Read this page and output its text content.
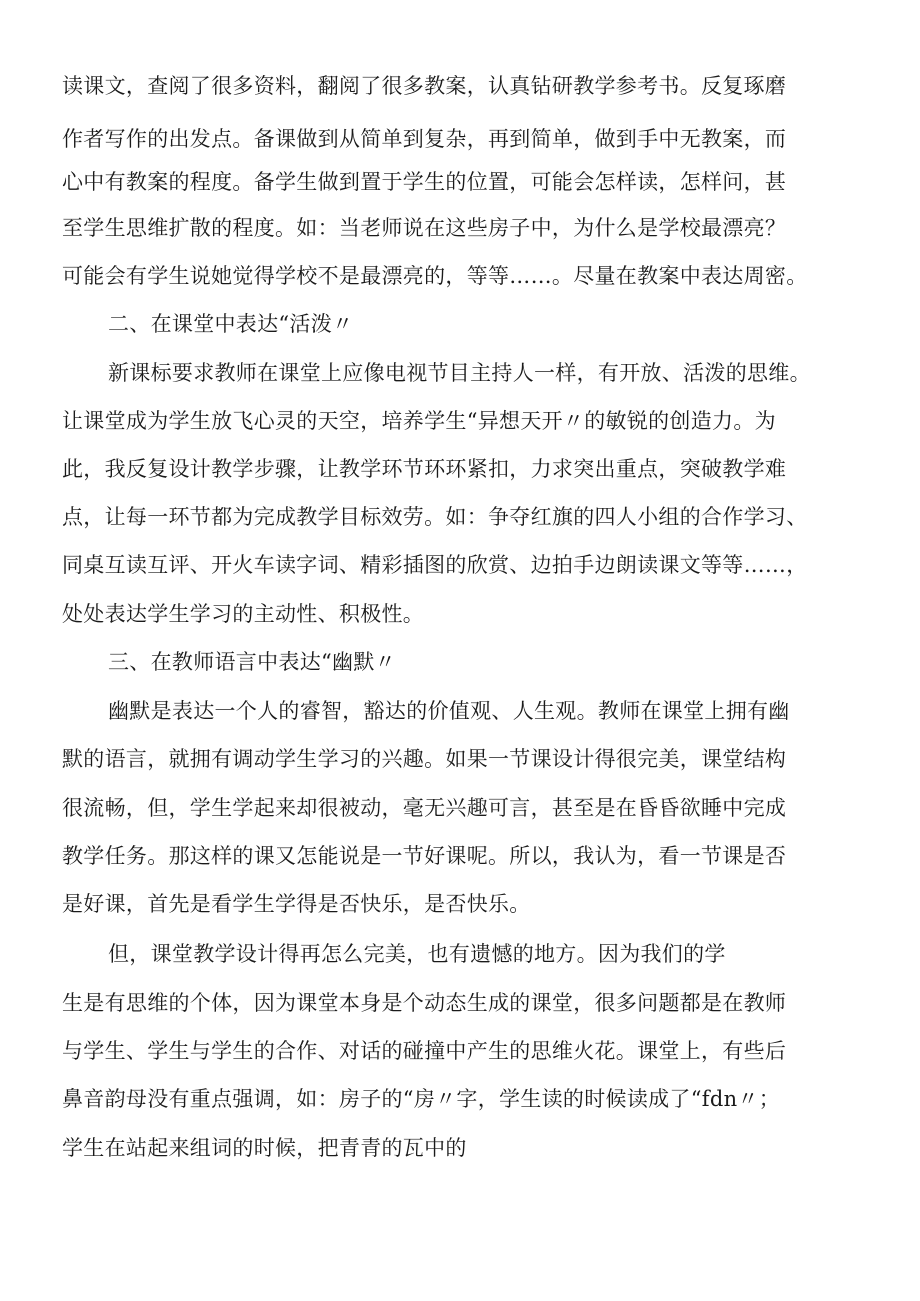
读课文，查阅了很多资料，翻阅了很多教案，认真钻研教学参考书。反复琢磨
作者写作的出发点。备课做到从简单到复杂，再到简单，做到手中无教案，而
心中有教案的程度。备学生做到置于学生的位置，可能会怎样读，怎样问，甚
至学生思维扩散的程度。如：当老师说在这些房子中，为什么是学校最漂亮？
可能会有学生说她觉得学校不是最漂亮的，等等……。尽量在教案中表达周密。
二、在课堂中表达“活泼〃
新课标要求教师在课堂上应像电视节目主持人一样，有开放、活泼的思维。
让课堂成为学生放飞心灵的天空，培养学生“异想天开〃的敏锐的创造力。为
此，我反复设计教学步骤，让教学环节环环紧扣，力求突出重点，突破教学难
点，让每一环节都为完成教学目标效劳。如：争夺红旗的四人小组的合作学习、
同桌互读互评、开火车读字词、精彩插图的欣赏、边拍手边朗读课文等等……，
处处表达学生学习的主动性、积极性。
三、在教师语言中表达“幽默〃
幽默是表达一个人的睿智，豁达的价值观、人生观。教师在课堂上拥有幽
默的语言，就拥有调动学生学习的兴趣。如果一节课设计得很完美，课堂结构
很流畅，但，学生学起来却很被动，毫无兴趣可言，甚至是在昏昏欲睡中完成
教学任务。那这样的课又怎能说是一节好课呢。所以，我认为，看一节课是否
是好课，首先是看学生学得是否快乐，是否快乐。
但，课堂教学设计得再怎么完美，也有遗憾的地方。因为我们的学
生是有思维的个体，因为课堂本身是个动态生成的课堂，很多问题都是在教师
与学生、学生与学生的合作、对话的碰撞中产生的思维火花。课堂上，有些后
鼻音韵母没有重点强调，如：房子的“房〃字，学生读的时候读成了“fdn〃；
学生在站起来组词的时候，把青青的瓦中的
